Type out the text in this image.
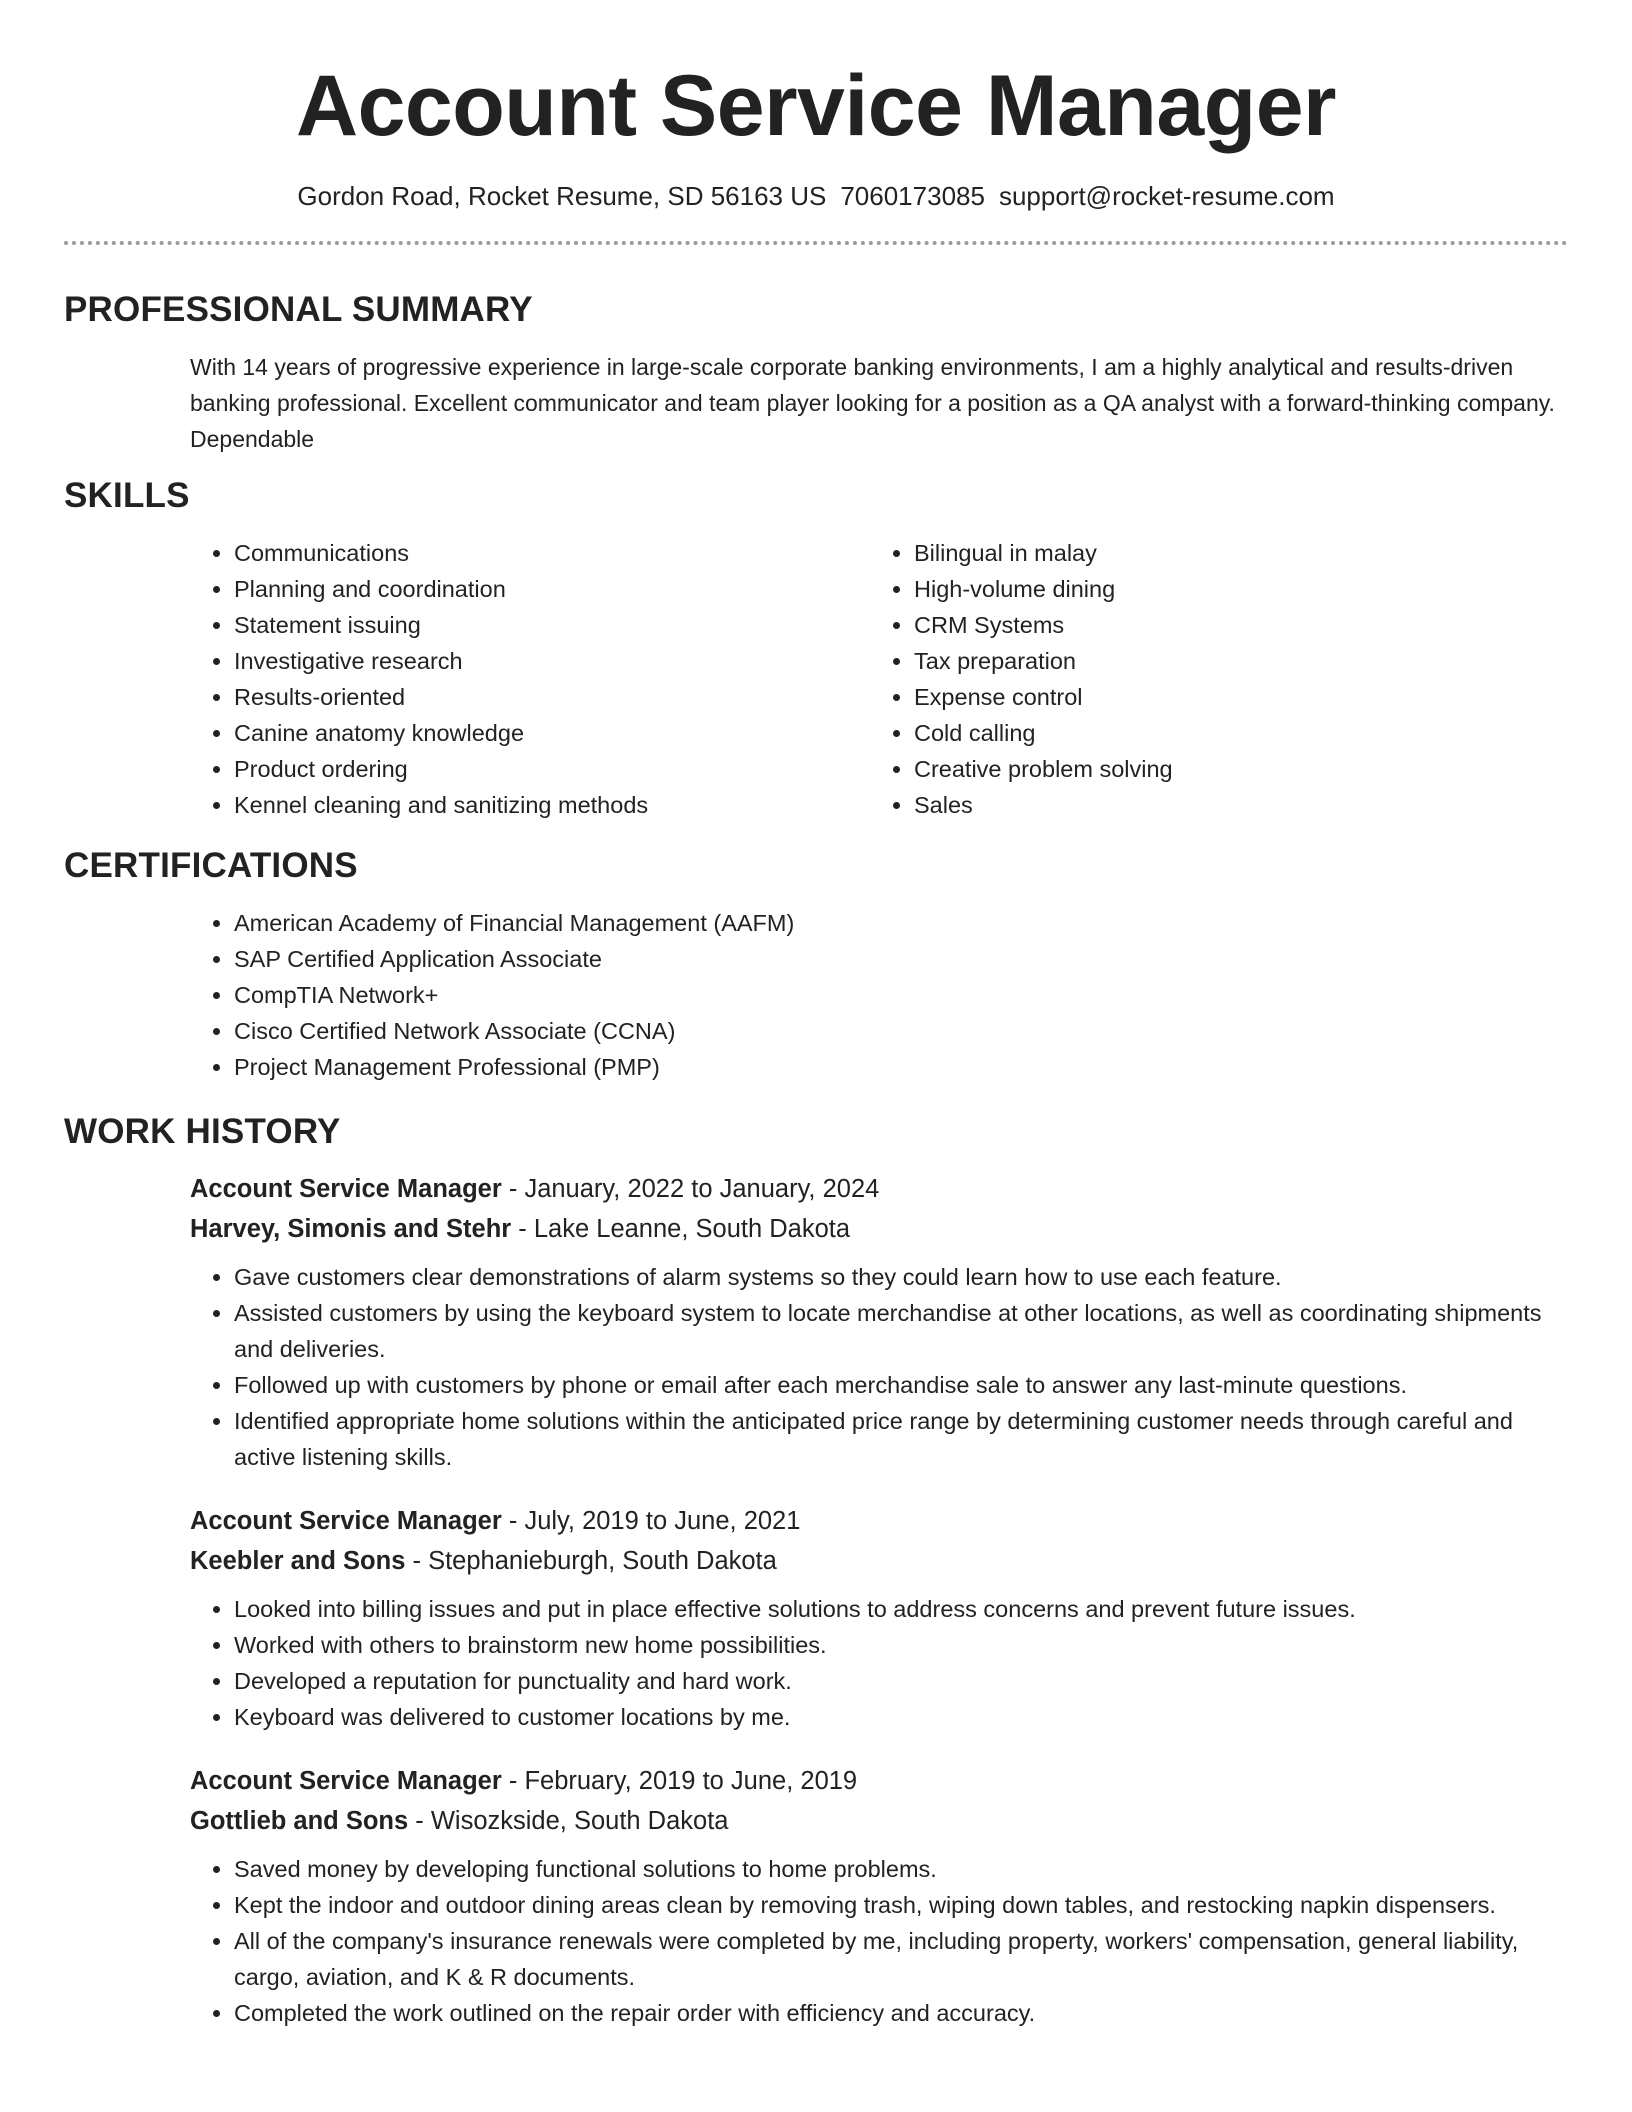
Account Service Manager
Gordon Road, Rocket Resume, SD 56163 US 7060173085 support@rocket-resume.com
PROFESSIONAL SUMMARY

With 14 years of progressive experience in large-scale corporate banking environments, I am a highly analytical and results-driven banking professional. Excellent communicator and team player looking for a position as a QA analyst with a forward-thinking company. Dependable

SKILLS
• Communications
• Planning and coordination
• Statement issuing
• Investigative research
• Results-oriented
• Canine anatomy knowledge
• Product ordering
• Kennel cleaning and sanitizing methods
• Bilingual in malay
• High-volume dining
• CRM Systems
• Tax preparation
• Expense control
• Cold calling
• Creative problem solving
• Sales
CERTIFICATIONS
• American Academy of Financial Management (AAFM)
• SAP Certified Application Associate
• CompTIA Network+
• Cisco Certified Network Associate (CCNA)
• Project Management Professional (PMP)
WORK HISTORY
Account Service Manager - January, 2022 to January, 2024
Harvey, Simonis and Stehr - Lake Leanne, South Dakota
• Gave customers clear demonstrations of alarm systems so they could learn how to use each feature.
• Assisted customers by using the keyboard system to locate merchandise at other locations, as well as coordinating shipments and deliveries.
• Followed up with customers by phone or email after each merchandise sale to answer any last-minute questions.
• Identified appropriate home solutions within the anticipated price range by determining customer needs through careful and active listening skills.
Account Service Manager - July, 2019 to June, 2021
Keebler and Sons - Stephanieburgh, South Dakota
• Looked into billing issues and put in place effective solutions to address concerns and prevent future issues.
• Worked with others to brainstorm new home possibilities.
• Developed a reputation for punctuality and hard work.
• Keyboard was delivered to customer locations by me.
Account Service Manager - February, 2019 to June, 2019
Gottlieb and Sons - Wisozkside, South Dakota
• Saved money by developing functional solutions to home problems.
• Kept the indoor and outdoor dining areas clean by removing trash, wiping down tables, and restocking napkin dispensers.
• All of the company's insurance renewals were completed by me, including property, workers' compensation, general liability, cargo, aviation, and K & R documents.
• Completed the work outlined on the repair order with efficiency and accuracy.
